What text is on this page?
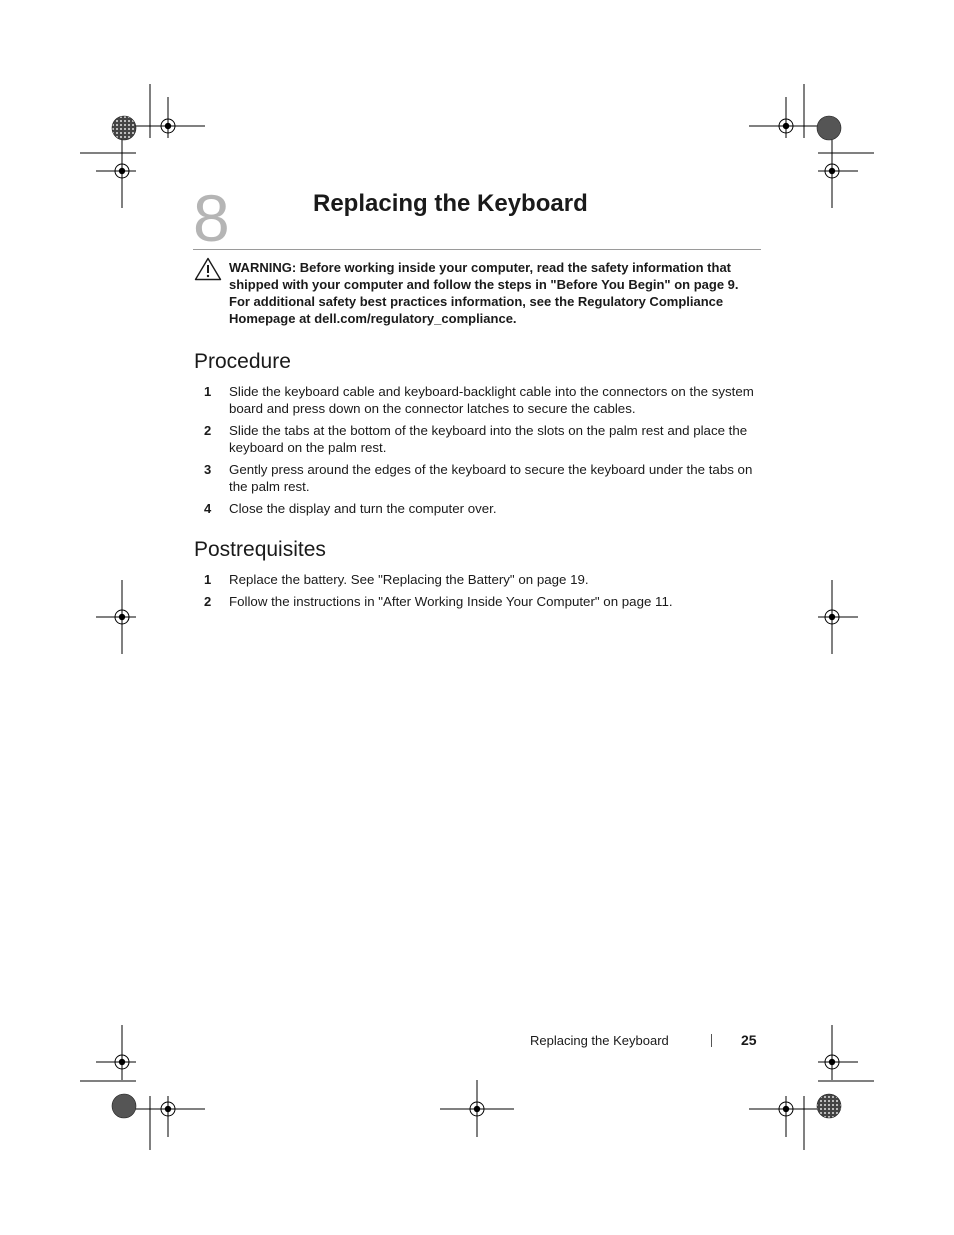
8	Replacing the Keyboard
WARNING: Before working inside your computer, read the safety information that shipped with your computer and follow the steps in "Before You Begin" on page 9. For additional safety best practices information, see the Regulatory Compliance Homepage at dell.com/regulatory_compliance.
Procedure
1 Slide the keyboard cable and keyboard-backlight cable into the connectors on the system board and press down on the connector latches to secure the cables.
2 Slide the tabs at the bottom of the keyboard into the slots on the palm rest and place the keyboard on the palm rest.
3 Gently press around the edges of the keyboard to secure the keyboard under the tabs on the palm rest.
4 Close the display and turn the computer over.
Postrequisites
1 Replace the battery. See "Replacing the Battery" on page 19.
2 Follow the instructions in "After Working Inside Your Computer" on page 11.
Replacing the Keyboard	25
